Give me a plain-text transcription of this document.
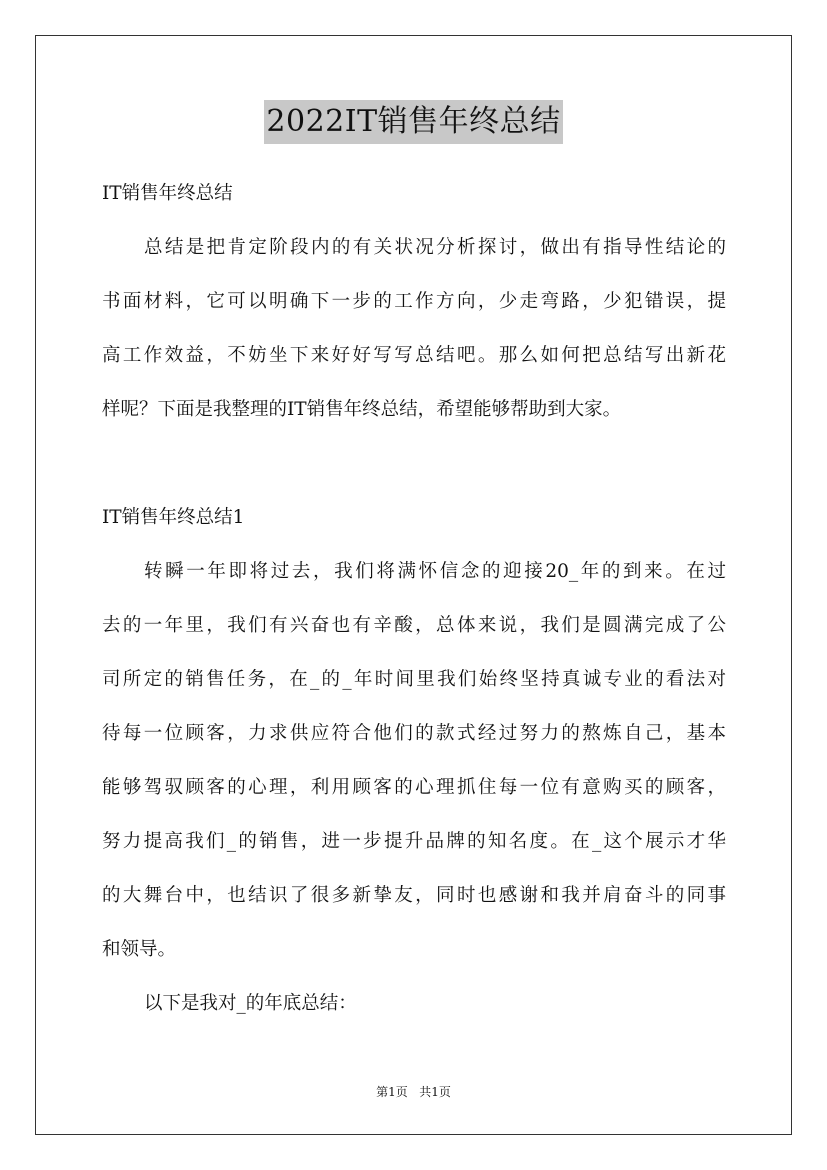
2022IT销售年终总结
IT销售年终总结
总结是把肯定阶段内的有关状况分析探讨，做出有指导性结论的
书面材料，它可以明确下一步的工作方向，少走弯路，少犯错误，提
高工作效益，不妨坐下来好好写写总结吧。那么如何把总结写出新花
样呢？下面是我整理的IT销售年终总结，希望能够帮助到大家。
IT销售年终总结1
转瞬一年即将过去，我们将满怀信念的迎接20_年的到来。在过
去的一年里，我们有兴奋也有辛酸，总体来说，我们是圆满完成了公
司所定的销售任务，在_的_年时间里我们始终坚持真诚专业的看法对
待每一位顾客，力求供应符合他们的款式经过努力的熬炼自己，基本
能够驾驭顾客的心理，利用顾客的心理抓住每一位有意购买的顾客，
努力提高我们_的销售，进一步提升品牌的知名度。在_这个展示才华
的大舞台中，也结识了很多新挚友，同时也感谢和我并肩奋斗的同事
和领导。
以下是我对_的年底总结：
第1页 共1页
